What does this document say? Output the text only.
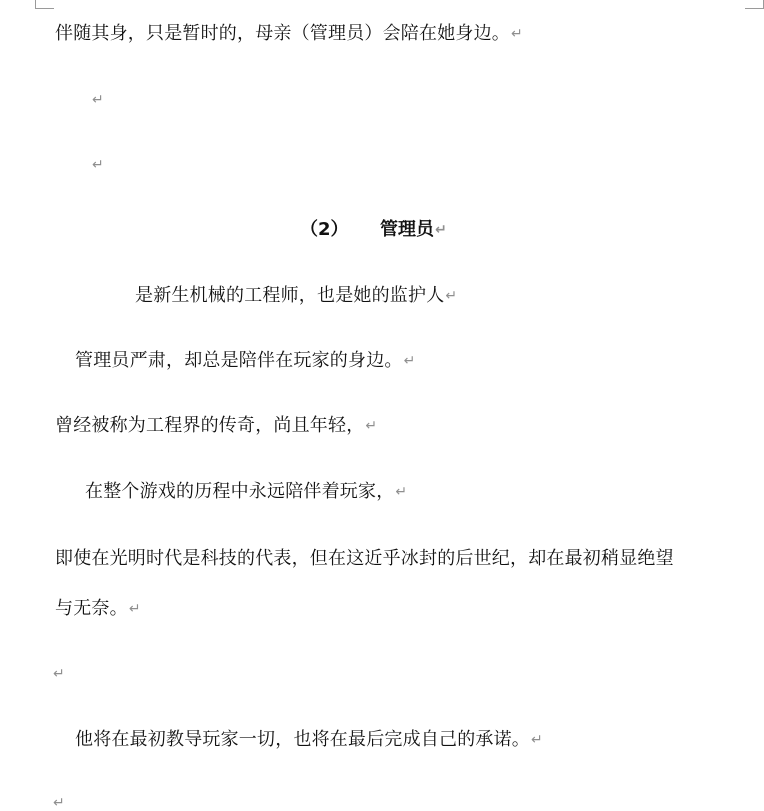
伴随其身，只是暂时的，母亲（管理员）会陪在她身边。↵
↵
↵
（2） 管理员↵
是新生机械的工程师，也是她的监护人↵
管理员严肃，却总是陪伴在玩家的身边。↵
曾经被称为工程界的传奇，尚且年轻，↵
在整个游戏的历程中永远陪伴着玩家，↵
即使在光明时代是科技的代表，但在这近乎冰封的后世纪，却在最初稍显绝望
与无奈。↵
↵
他将在最初教导玩家一切，也将在最后完成自己的承诺。↵
↵
